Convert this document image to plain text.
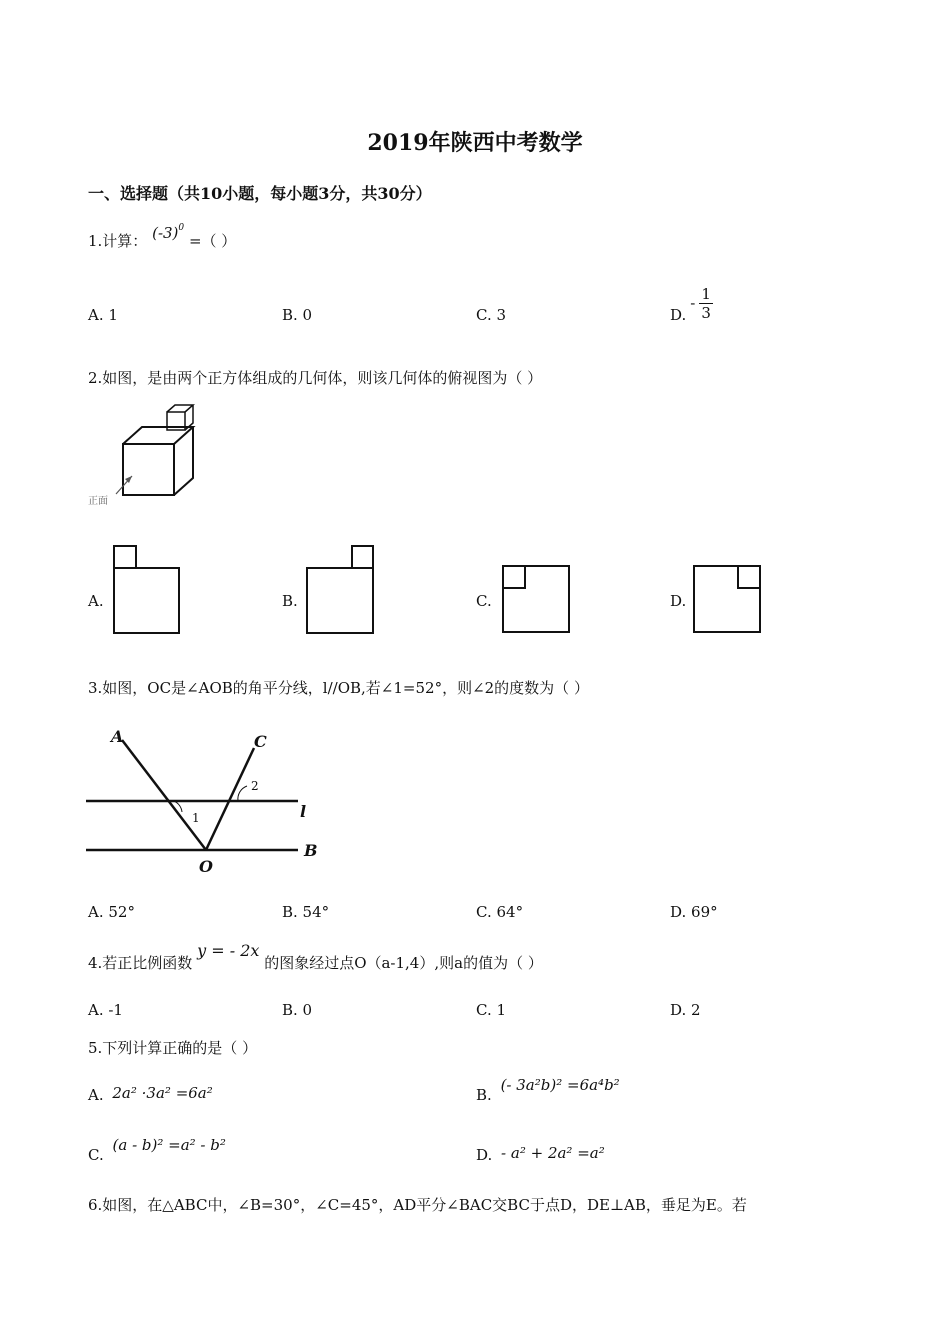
2019年陕西中考数学
一、选择题（共10小题，每小题3分，共30分）
1.计算： $(-3)^0$ =（ ）
A. 1	B. 0	C. 3	D.
- $\frac{1}{3}$
2.如图，是由两个正方体组成的几何体，则该几何体的俯视图为（ ）
正面
A.	B.	C.	D.
3.如图，OC是∠AOB的角平分线，l//OB,若∠1=52°，则∠2的度数为（ ）
A	C
O
B
l
1
2
A. 52°	B. 54°	C. 64°	D. 69°
4.若正比例函数 y = - 2x 的图象经过点O（a-1,4）,则a的值为（ ）
A. -1	B. 0	C. 1	D. 2
5.下列计算正确的是（ ）
A. 2a² ·3a² =6a²	B. (- 3a²b)² =6a⁴b²
C. (a - b)² =a² - b²
D. - a² + 2a² =a²
6.如图，在△ABC中，∠B=30°，∠C=45°，AD平分∠BAC交BC于点D，DE⊥AB，垂足为E。若
